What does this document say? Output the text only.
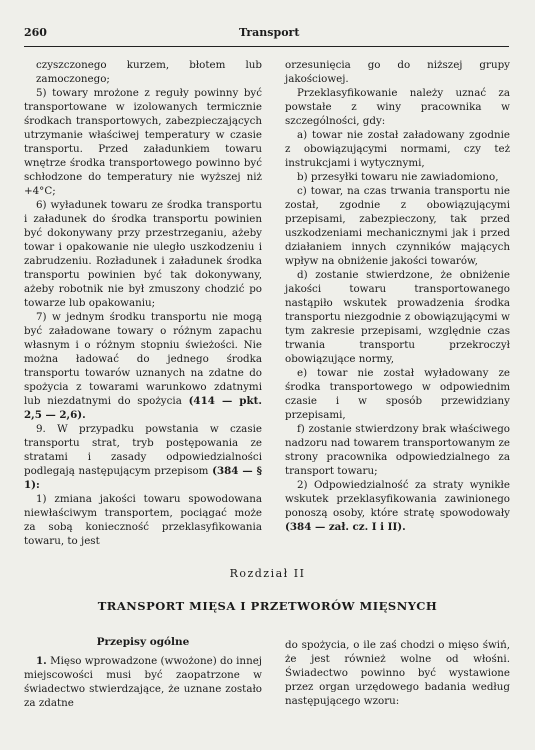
260	Transport

czyszczonego kurzem, błotem lub zamoczonego;

5) towary mrożone z reguły powinny być transportowane w izolowanych termicznie środkach transportowych, zabezpieczających utrzymanie właściwej temperatury w czasie transportu. Przed załadunkiem towaru wnętrze środka transportowego powinno być schłodzone do temperatury nie wyższej niż +4°C;

6) wyładunek towaru ze środka transportu i załadunek do środka transportu powinien być dokonywany przy przestrzeganiu, ażeby towar i opakowanie nie uległo uszkodzeniu i zabrudzeniu. Rozładunek i załadunek środka transportu powinien być tak dokonywany, ażeby robotnik nie był zmuszony chodzić po towarze lub opakowaniu;

7) w jednym środku transportu nie mogą być załadowane towary o różnym zapachu własnym i o różnym stopniu świeżości. Nie można ładować do jednego środka transportu towarów uznanych na zdatne do spożycia z towarami warunkowo zdatnymi lub niezdatnymi do spożycia (414 — pkt. 2,5 — 2,6).

9. W przypadku powstania w czasie transportu strat, tryb postępowania ze stratami i zasady odpowiedzialności podlegają następującym przepisom (384 — § 1):

1) zmiana jakości towaru spowodowana niewłaściwym transportem, pociągać może za sobą konieczność przeklasyfikowania towaru, to jest

orzesunięcia go do niższej grupy jakościowej.

Przeklasyfikowanie należy uznać za powstałe z winy pracownika w szczególności, gdy:

a) towar nie został załadowany zgodnie z obowiązującymi normami, czy też instrukcjami i wytycznymi,

b) przesyłki towaru nie zawiadomiono,

c) towar, na czas trwania transportu nie został, zgodnie z obowiązującymi przepisami, zabezpieczony, tak przed uszkodzeniami mechanicznymi jak i przed działaniem innych czynników mających wpływ na obniżenie jakości towarów,

d) zostanie stwierdzone, że obniżenie jakości towaru transportowanego nastąpiło wskutek prowadzenia środka transportu niezgodnie z obowiązującymi w tym zakresie przepisami, względnie czas trwania transportu przekroczył obowiązujące normy,

e) towar nie został wyładowany ze środka transportowego w odpowiednim czasie i w sposób przewidziany przepisami,

f) zostanie stwierdzony brak właściwego nadzoru nad towarem transportowanym ze strony pracownika odpowiedzialnego za transport towaru;

2) Odpowiedzialność za straty wynikłe wskutek przeklasyfikowania zawinionego ponoszą osoby, które stratę spowodowały (384 — zał. cz. I i II).

Rozdział II
TRANSPORT MIĘSA I PRZETWORÓW MIĘSNYCH
Przepisy ogólne

1. Mięso wprowadzone (wwożone) do innej miejscowości musi być zaopatrzone w świadectwo stwierdzające, że uznane zostało za zdatne

do spożycia, o ile zaś chodzi o mięso świń, że jest również wolne od włośni. Świadectwo powinno być wystawione przez organ urzędowego badania według następującego wzoru:
